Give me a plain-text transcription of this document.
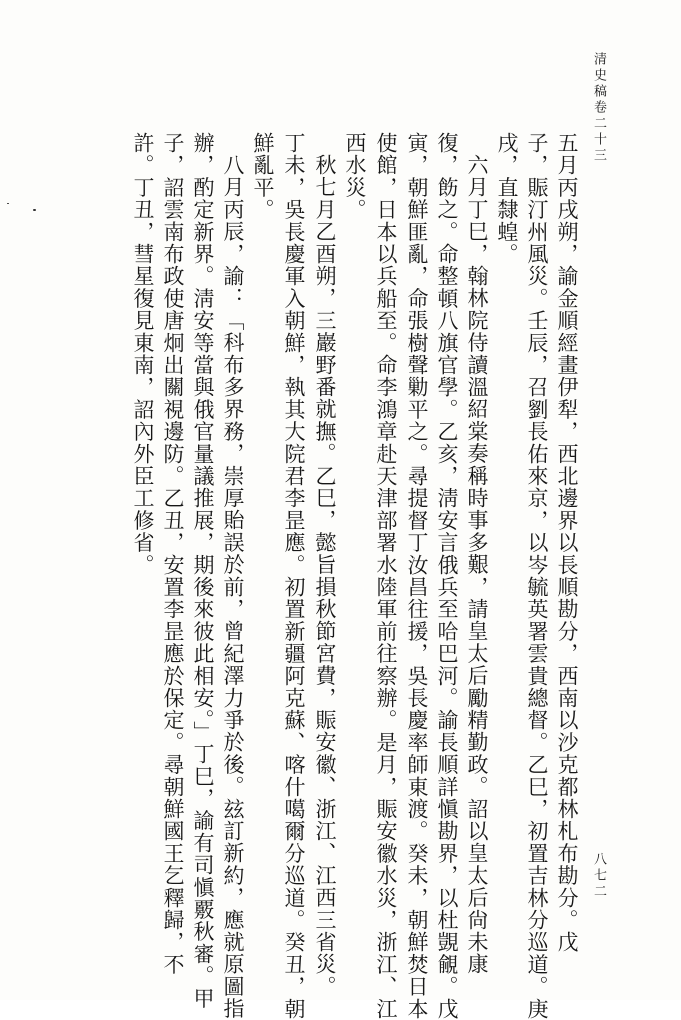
清史稿卷二十三
八七二
五月丙戌朔，諭金順經畫伊犁，西北邊界以長順勘分，西南以沙克都林札布勘分。戊
子，賑汀州風災。壬辰，召劉長佑來京，以岑毓英署雲貴總督。乙巳，初置吉林分巡道。庚
戌，直隸蝗。
六月丁巳，翰林院侍讀溫紹棠奏稱時事多艱，請皇太后勵精勤政。詔以皇太后尙未康
復，飭之。命整頓八旗官學。乙亥，淸安言俄兵至哈巴河。諭長順詳愼勘界，以杜覬覦。戊
寅，朝鮮匪亂，命張樹聲勦平之。尋提督丁汝昌往援，吳長慶率師東渡。癸未，朝鮮焚日本
使館，日本以兵船至。命李鴻章赴天津部署水陸軍前往察辦。是月，賑安徽水災，浙江、江
西水災。
秋七月乙酉朔，三巖野番就撫。乙巳，懿旨損秋節宮費，賑安徽、浙江、江西三省災。
丁未，吳長慶軍入朝鮮，執其大院君李昰應。初置新疆阿克蘇、喀什噶爾分巡道。癸丑，朝
鮮亂平。
八月丙辰，諭：「科布多界務，崇厚貽誤於前，曾紀澤力爭於後。玆訂新約，應就原圖指
辦，酌定新界。淸安等當與俄官量議推展，期後來彼此相安。」丁巳，諭有司愼覈秋審。甲
子，詔雲南布政使唐炯出關視邊防。乙丑，安置李昰應於保定。尋朝鮮國王乞釋歸，不
許。丁丑，彗星復見東南，詔內外臣工修省。
